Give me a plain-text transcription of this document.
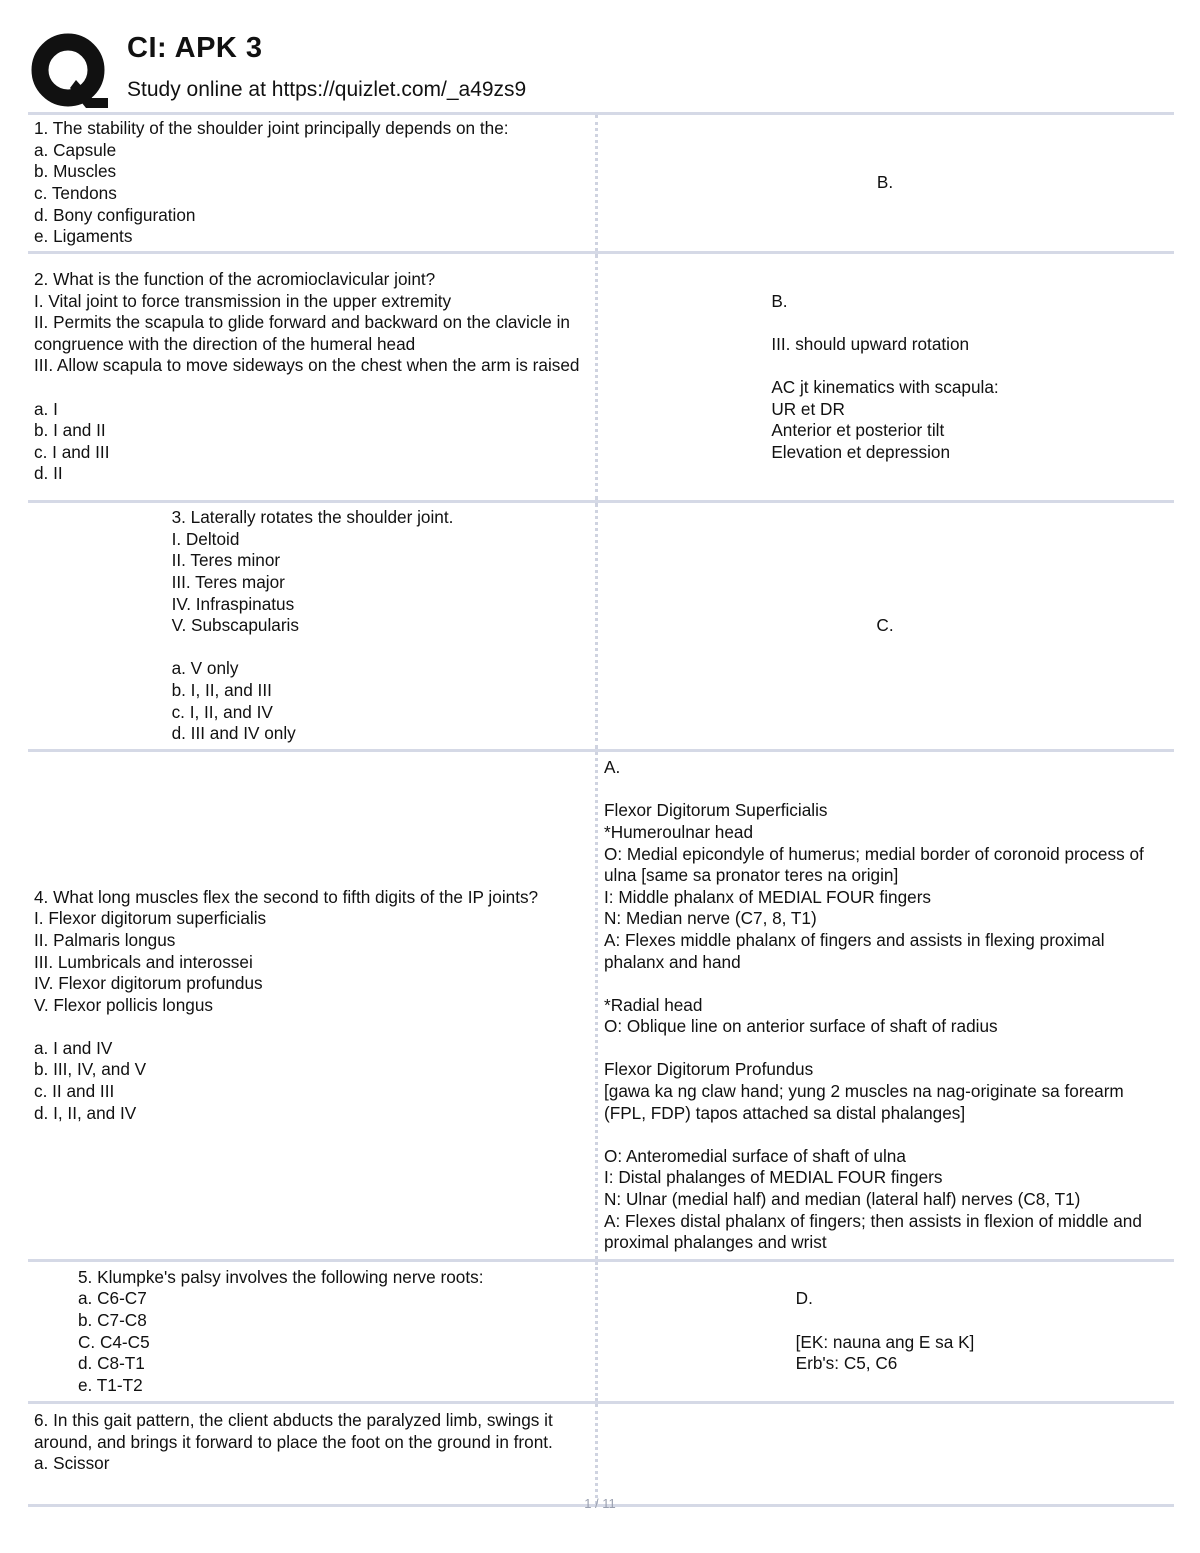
CI: APK 3
Study online at https://quizlet.com/_a49zs9
1. The stability of the shoulder joint principally depends on the:
a. Capsule
b. Muscles
c. Tendons
d. Bony configuration
e. Ligaments
B.
2. What is the function of the acromioclavicular joint?
I. Vital joint to force transmission in the upper extremity
II. Permits the scapula to glide forward and backward on the clavicle in congruence with the direction of the humeral head
III. Allow scapula to move sideways on the chest when the arm is raised

a. I
b. I and II
c. I and III
d. II
B.

III. should upward rotation

AC jt kinematics with scapula:
UR et DR
Anterior et posterior tilt
Elevation et depression
3. Laterally rotates the shoulder joint.
I. Deltoid
II. Teres minor
III. Teres major
IV. Infraspinatus
V. Subscapularis

a. V only
b. I, II, and III
c. I, II, and IV
d. III and IV only
C.
4. What long muscles flex the second to fifth digits of the IP joints?
I. Flexor digitorum superficialis
II. Palmaris longus
III. Lumbricals and interossei
IV. Flexor digitorum profundus
V. Flexor pollicis longus

a. I and IV
b. III, IV, and V
c. II and III
d. I, II, and IV
A.

Flexor Digitorum Superficialis
*Humeroulnar head
O: Medial epicondyle of humerus; medial border of coronoid process of ulna [same sa pronator teres na origin]
I: Middle phalanx of MEDIAL FOUR fingers
N: Median nerve (C7, 8, T1)
A: Flexes middle phalanx of fingers and assists in flexing proximal phalanx and hand

*Radial head
O: Oblique line on anterior surface of shaft of radius

Flexor Digitorum Profundus
[gawa ka ng claw hand; yung 2 muscles na nag-originate sa forearm (FPL, FDP) tapos attached sa distal phalanges]

O: Anteromedial surface of shaft of ulna
I: Distal phalanges of MEDIAL FOUR fingers
N: Ulnar (medial half) and median (lateral half) nerves (C8, T1)
A: Flexes distal phalanx of fingers; then assists in flexion of middle and proximal phalanges and wrist
5. Klumpke's palsy involves the following nerve roots:
a. C6-C7
b. C7-C8
C. C4-C5
d. C8-T1
e. T1-T2
D.

[EK: nauna ang E sa K]
Erb's: C5, C6
6. In this gait pattern, the client abducts the paralyzed limb, swings it around, and brings it forward to place the foot on the ground in front.
a. Scissor
1 / 11
